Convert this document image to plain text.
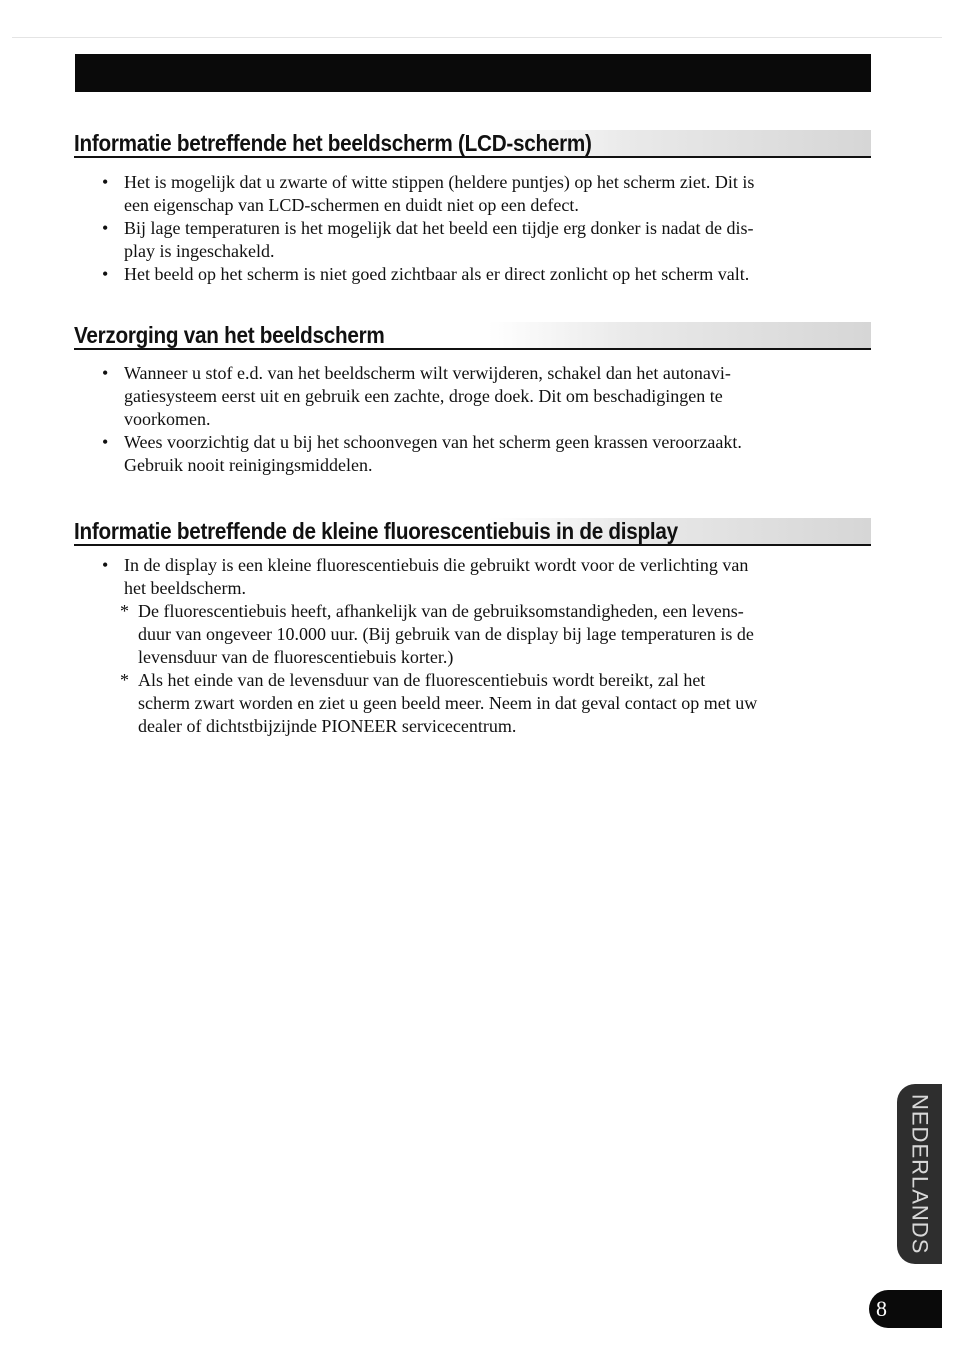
Informatie betreffende het beeldscherm (LCD-scherm)
• Het is mogelijk dat u zwarte of witte stippen (heldere puntjes) op het scherm ziet. Dit is
een eigenschap van LCD-schermen en duidt niet op een defect.
• Bij lage temperaturen is het mogelijk dat het beeld een tijdje erg donker is nadat de dis-
play is ingeschakeld.
• Het beeld op het scherm is niet goed zichtbaar als er direct zonlicht op het scherm valt.
Verzorging van het beeldscherm
• Wanneer u stof e.d. van het beeldscherm wilt verwijderen, schakel dan het autonavi-
gatiesysteem eerst uit en gebruik een zachte, droge doek. Dit om beschadigingen te
voorkomen.
• Wees voorzichtig dat u bij het schoonvegen van het scherm geen krassen veroorzaakt.
Gebruik nooit reinigingsmiddelen.
Informatie betreffende de kleine fluorescentiebuis in de display
• In de display is een kleine fluorescentiebuis die gebruikt wordt voor de verlichting van
het beeldscherm.
* De fluorescentiebuis heeft, afhankelijk van de gebruiksomstandigheden, een levens-
duur van ongeveer 10.000 uur. (Bij gebruik van de display bij lage temperaturen is de
levensduur van de fluorescentiebuis korter.)
* Als het einde van de levensduur van de fluorescentiebuis wordt bereikt, zal het
scherm zwart worden en ziet u geen beeld meer. Neem in dat geval contact op met uw
dealer of dichtstbijzijnde PIONEER servicecentrum.
NEDERLANDS
8
